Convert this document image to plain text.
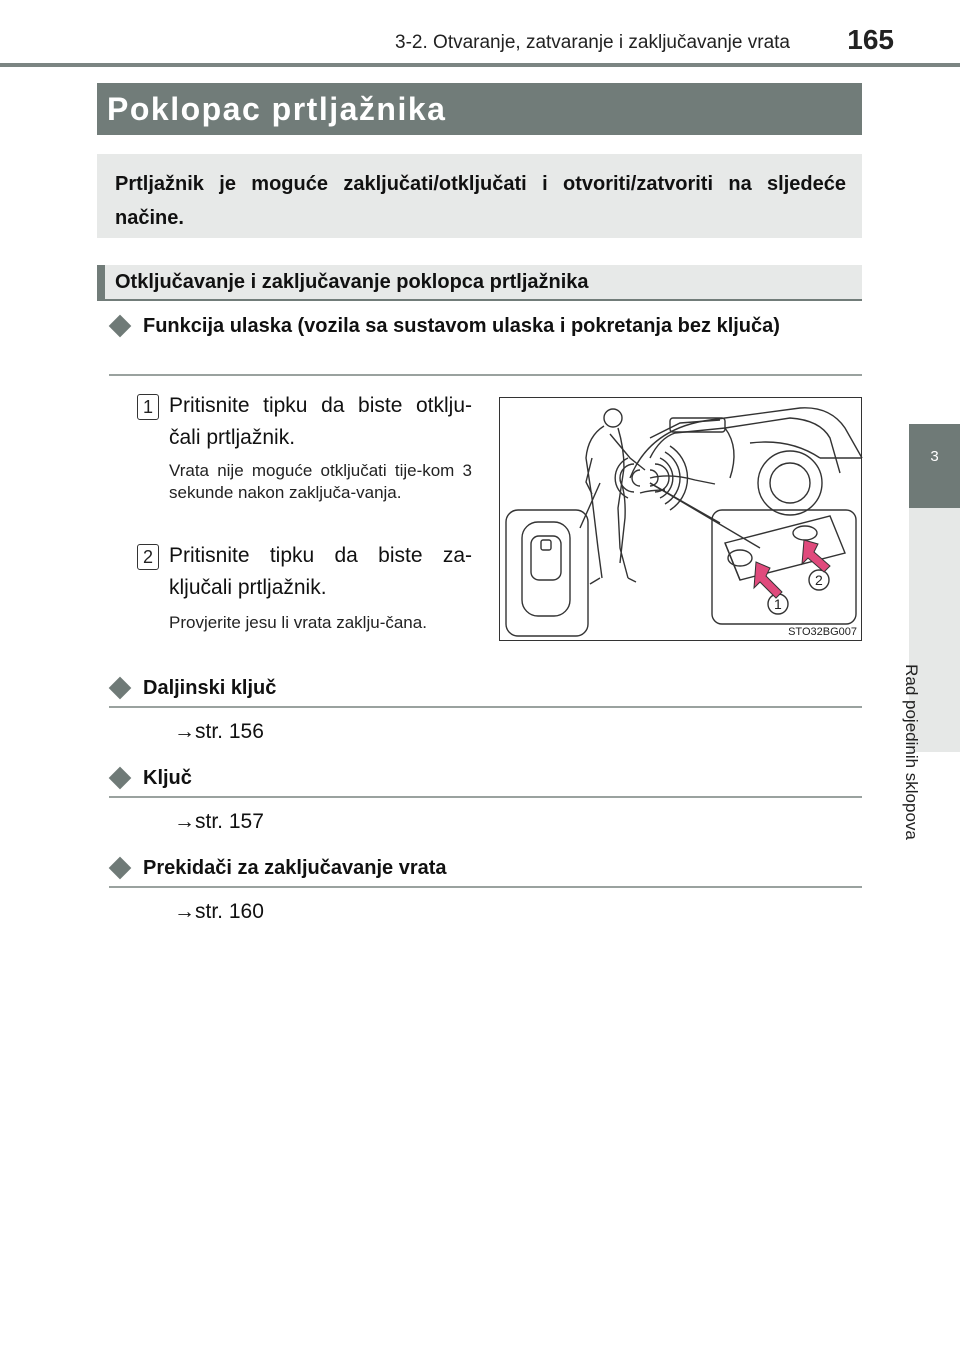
3-2. Otvaranje, zatvaranje i zaključavanje vrata 165
3
Rad pojedinih sklopova
Poklopac prtljažnika

Prtljažnik je moguće zaključati/otključati i otvoriti/zatvoriti na sljedeće načine.

Otključavanje i zaključavanje poklopca prtljažnika
Funkcija ulaska (vozila sa sustavom ulaska i pokretanja bez ključa)
1 Pritisnite tipku da biste otklju-čali prtljažnik.
Vrata nije moguće otključati tije-kom 3 sekunde nakon zaključa-vanja.
2 Pritisnite tipku da biste za-ključali prtljažnik.
Provjerite jesu li vrata zaklju-čana.
1
2
STO32BG007
Daljinski ključ
→str. 156
Ključ
→str. 157
Prekidači za zaključavanje vrata
→str. 160
